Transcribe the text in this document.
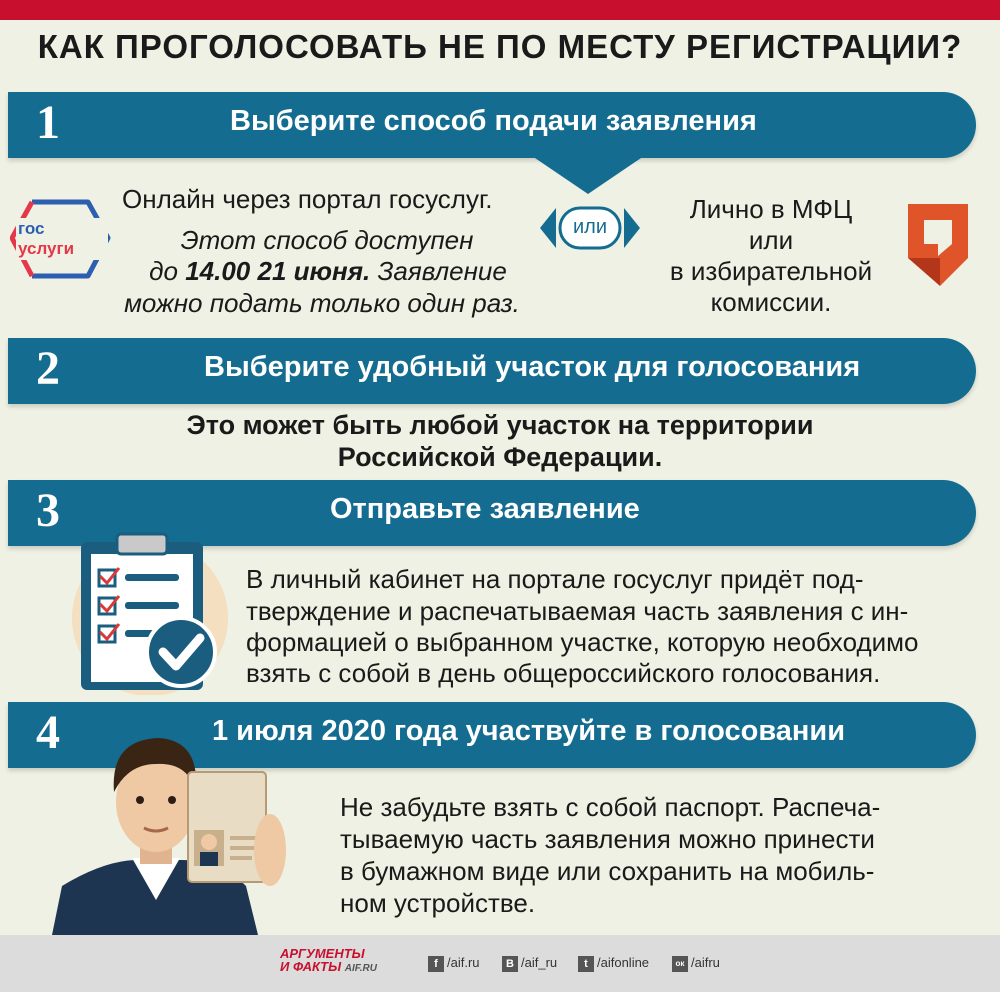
КАК ПРОГОЛОСОВАТЬ НЕ ПО МЕСТУ РЕГИСТРАЦИИ?
1	Выберите способ подачи заявления
гос
услуги
Онлайн через портал госуслуг.
Этот способ доступен
до 14.00 21 июня. Заявление
можно подать только один раз.
или
Лично в МФЦ
или
в избирательной
комиссии.
2	Выберите удобный участок для голосования
Это может быть любой участок на территории
Российской Федерации.
3	Отправьте заявление
В личный кабинет на портале госуслуг придёт под-
тверждение и распечатываемая часть заявления с ин-
формацией о выбранном участке, которую необходимо
взять с собой в день общероссийского голосования.
4	1 июля 2020 года участвуйте в голосовании
Не забудьте взять с собой паспорт. Распеча-
тываемую часть заявления можно принести
в бумажном виде или сохранить на мобиль-
ном устройстве.
АРГУМЕНТЫ
И ФАКТЫ AIF.RU	f /aif.ru	В /aif_ru	t /aifonline	ок /aifru
